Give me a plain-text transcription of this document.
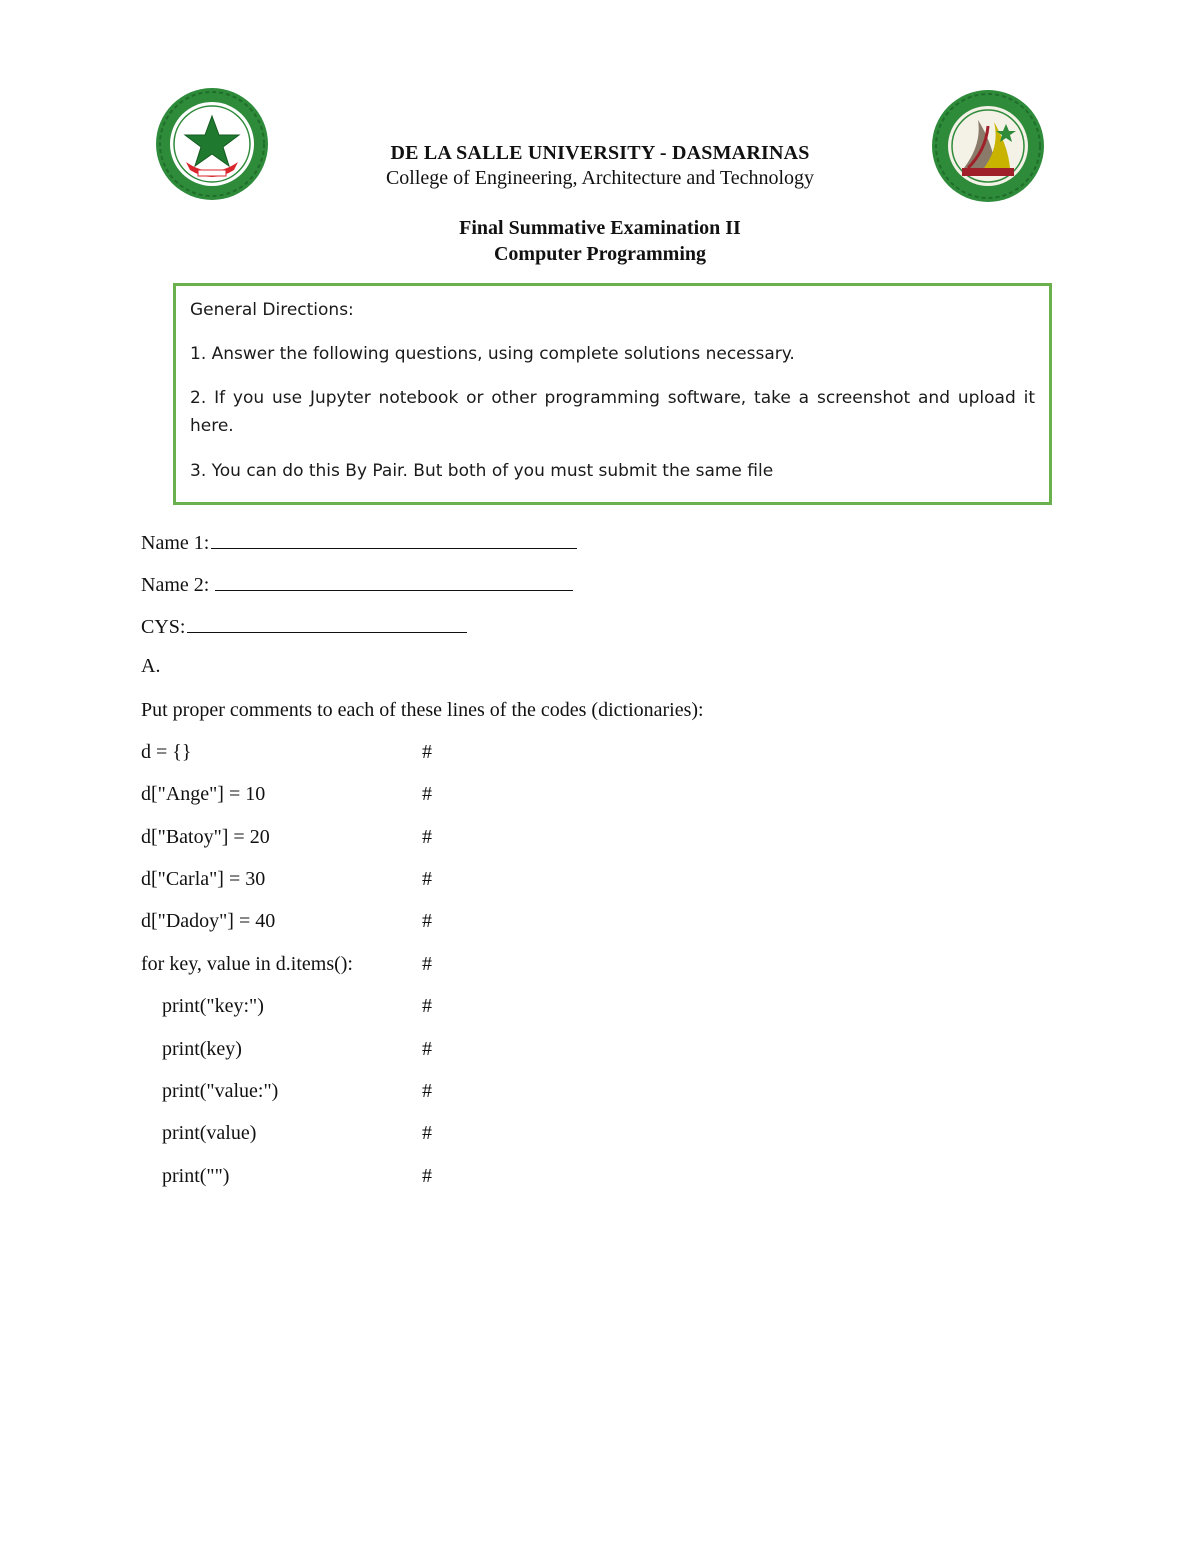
DE LA SALLE UNIVERSITY - DASMARINAS
College of Engineering, Architecture and Technology
Final Summative Examination II
Computer Programming
General Directions:
1. Answer the following questions, using complete solutions necessary.
2. If you use Jupyter notebook or other programming software, take a screenshot and upload it here.
3. You can do this By Pair. But both of you must submit the same file
Name 1:
Name 2:
CYS:
A.
Put proper comments to each of these lines of the codes (dictionaries):
d = {}	#
d["Ange"] = 10	#
d["Batoy"] = 20	#
d["Carla"] = 30	#
d["Dadoy"] = 40	#
for key, value in d.items():	#
print("key:")	#
print(key)	#
print("value:")	#
print(value)	#
print("")	#
